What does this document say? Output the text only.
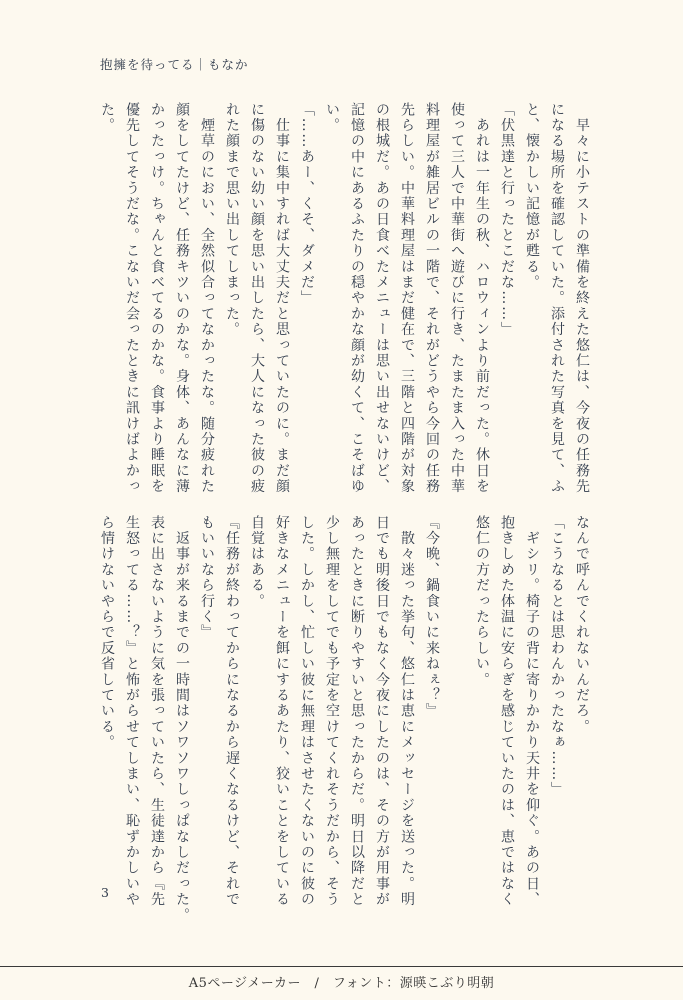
抱擁を待ってる｜もなか
　早々に小テストの準備を終えた悠仁は、今夜の任務先
になる場所を確認していた。添付された写真を見て、ふ
と、懐かしい記憶が甦る。
「伏黒達と行ったとこだな……」
　あれは一年生の秋、ハロウィンより前だった。休日を
使って三人で中華街へ遊びに行き、たまたま入った中華
料理屋が雑居ビルの一階で、それがどうやら今回の任務
先らしい。中華料理屋はまだ健在で、三階と四階が対象
の根城だ。あの日食べたメニューは思い出せないけど、
記憶の中にあるふたりの穏やかな顔が幼くて、こそばゆ
い。
「……あー、くそ、ダメだ」
　仕事に集中すれば大丈夫だと思っていたのに。まだ顔
に傷のない幼い顔を思い出したら、大人になった彼の疲
れた顔まで思い出してしまった。
　煙草のにおい、全然似合ってなかったな。随分疲れた
顔をしてたけど、任務キツいのかな。身体、あんなに薄
かったっけ。ちゃんと食べてるのかな。食事より睡眠を
優先してそうだな。こないだ会ったときに訊けばよかっ
た。
なんで呼んでくれないんだろ。
「こうなるとは思わんかったなぁ……」
　ギシリ。椅子の背に寄りかかり天井を仰ぐ。あの日、
抱きしめた体温に安らぎを感じていたのは、恵ではなく
悠仁の方だったらしい。

『今晩、鍋食いに来ねぇ？』
　散々迷った挙句、悠仁は恵にメッセージを送った。明
日でも明後日でもなく今夜にしたのは、その方が用事が
あったときに断りやすいと思ったからだ。明日以降だと
少し無理をしてでも予定を空けてくれそうだから、そう
した。しかし、忙しい彼に無理はさせたくないのに彼の
好きなメニューを餌にするあたり、狡いことをしている
自覚はある。
『任務が終わってからになるから遅くなるけど、それで
もいいなら行く』
　返事が来るまでの一時間はソワソワしっぱなしだった。
表に出さないように気を張っていたら、生徒達から『先
生怒ってる……？』と怖がらせてしまい、恥ずかしいや
ら情けないやらで反省している。
3
A5ページメーカー　/　フォント：源暎こぶり明朝
